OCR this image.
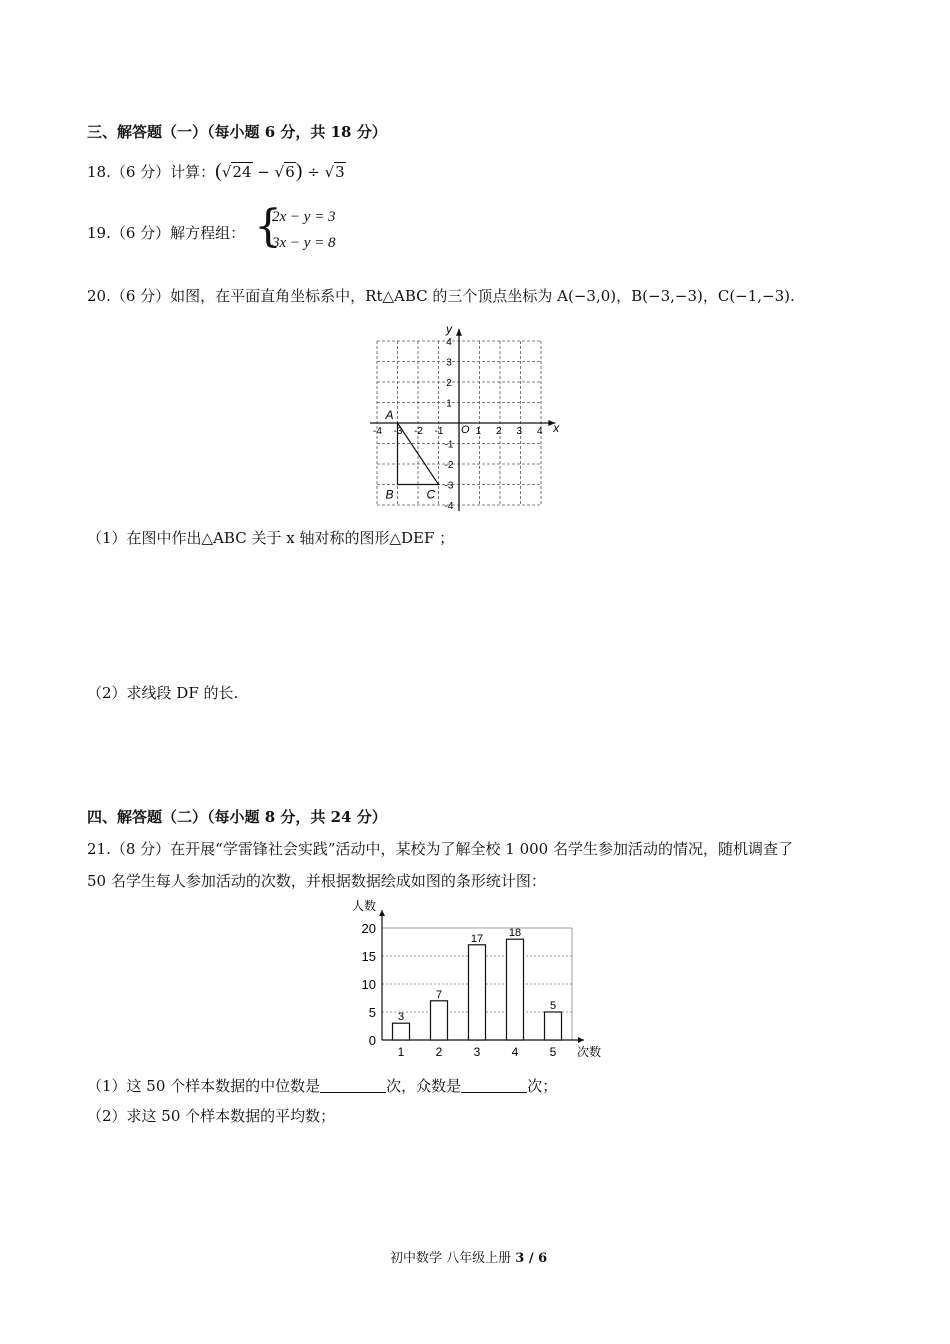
三、解答题（一）（每小题 6 分，共 18 分）
18.（6 分）计算：(√24 − √6) ÷ √3
19.（6 分）解方程组： {
2x − y = 3
3x − y = 8
20.（6 分）如图，在平面直角坐标系中，Rt△ABC 的三个顶点坐标为 A(−3,0)，B(−3,−3)，C(−1,−3).
x
y
O
-4 -3 -2 -1	1 2 3 4
4
3
2
1
-1
-2
-3
-4
A
B	C
（1）在图中作出△ABC 关于 x 轴对称的图形△DEF ；
（2）求线段 DF 的长.
四、解答题（二）（每小题 8 分，共 24 分）
21.（8 分）在开展“学雷锋社会实践”活动中，某校为了解全校 1 000 名学生参加活动的情况，随机调查了
50 名学生每人参加活动的次数，并根据数据绘成如图的条形统计图：
0
5
10
15
20
人数
次数
3
1
7
2
17
3
18
4
5
5
（1）这 50 个样本数据的中位数是	次，众数是	次；
（2）求这 50 个样本数据的平均数；
初中数学 八年级上册 3 / 6
